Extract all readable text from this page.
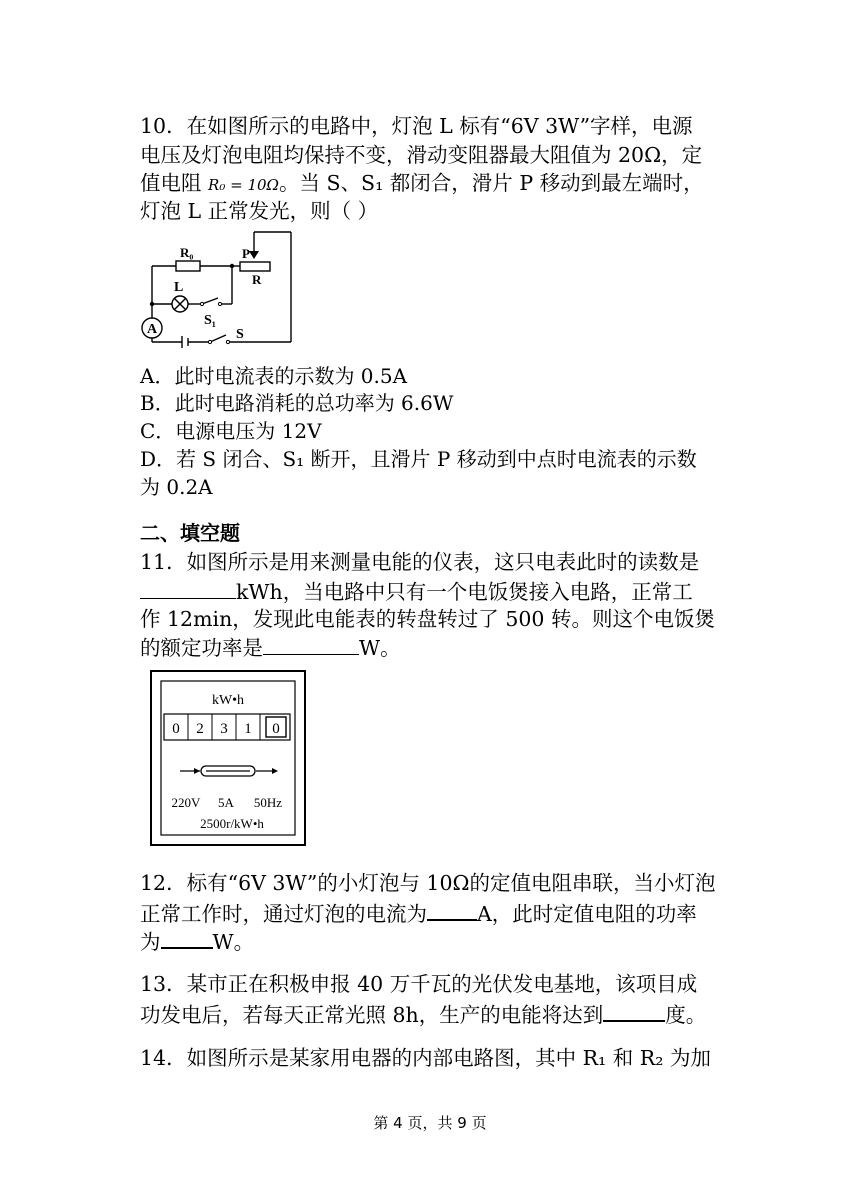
10．在如图所示的电路中，灯泡 L 标有“6V 3W”字样，电源
电压及灯泡电阻均保持不变，滑动变阻器最大阻值为 20Ω，定
值电阻 R₀ = 10Ω。当 S、S₁ 都闭合，滑片 P 移动到最左端时，
灯泡 L 正常发光，则（ ）
A
R₀	P
R
L
S₁
S
A．此时电流表的示数为 0.5A
B．此时电路消耗的总功率为 6.6W
C．电源电压为 12V
D．若 S 闭合、S₁ 断开，且滑片 P 移动到中点时电流表的示数
为 0.2A
二、填空题
11．如图所示是用来测量电能的仪表，这只电表此时的读数是
kWh，当电路中只有一个电饭煲接入电路，正常工
作 12min，发现此电能表的转盘转过了 500 转。则这个电饭煲
的额定功率是	W。
kW•h
0 2 3 1 0
220V 5A 50Hz
2500r/kW•h
12．标有“6V 3W”的小灯泡与 10Ω的定值电阻串联，当小灯泡
正常工作时，通过灯泡的电流为 A，此时定值电阻的功率
为	W。
13．某市正在积极申报 40 万千瓦的光伏发电基地，该项目成
功发电后，若每天正常光照 8h，生产的电能将达到	度。
14．如图所示是某家用电器的内部电路图，其中 R₁ 和 R₂ 为加
第 4 页，共 9 页
